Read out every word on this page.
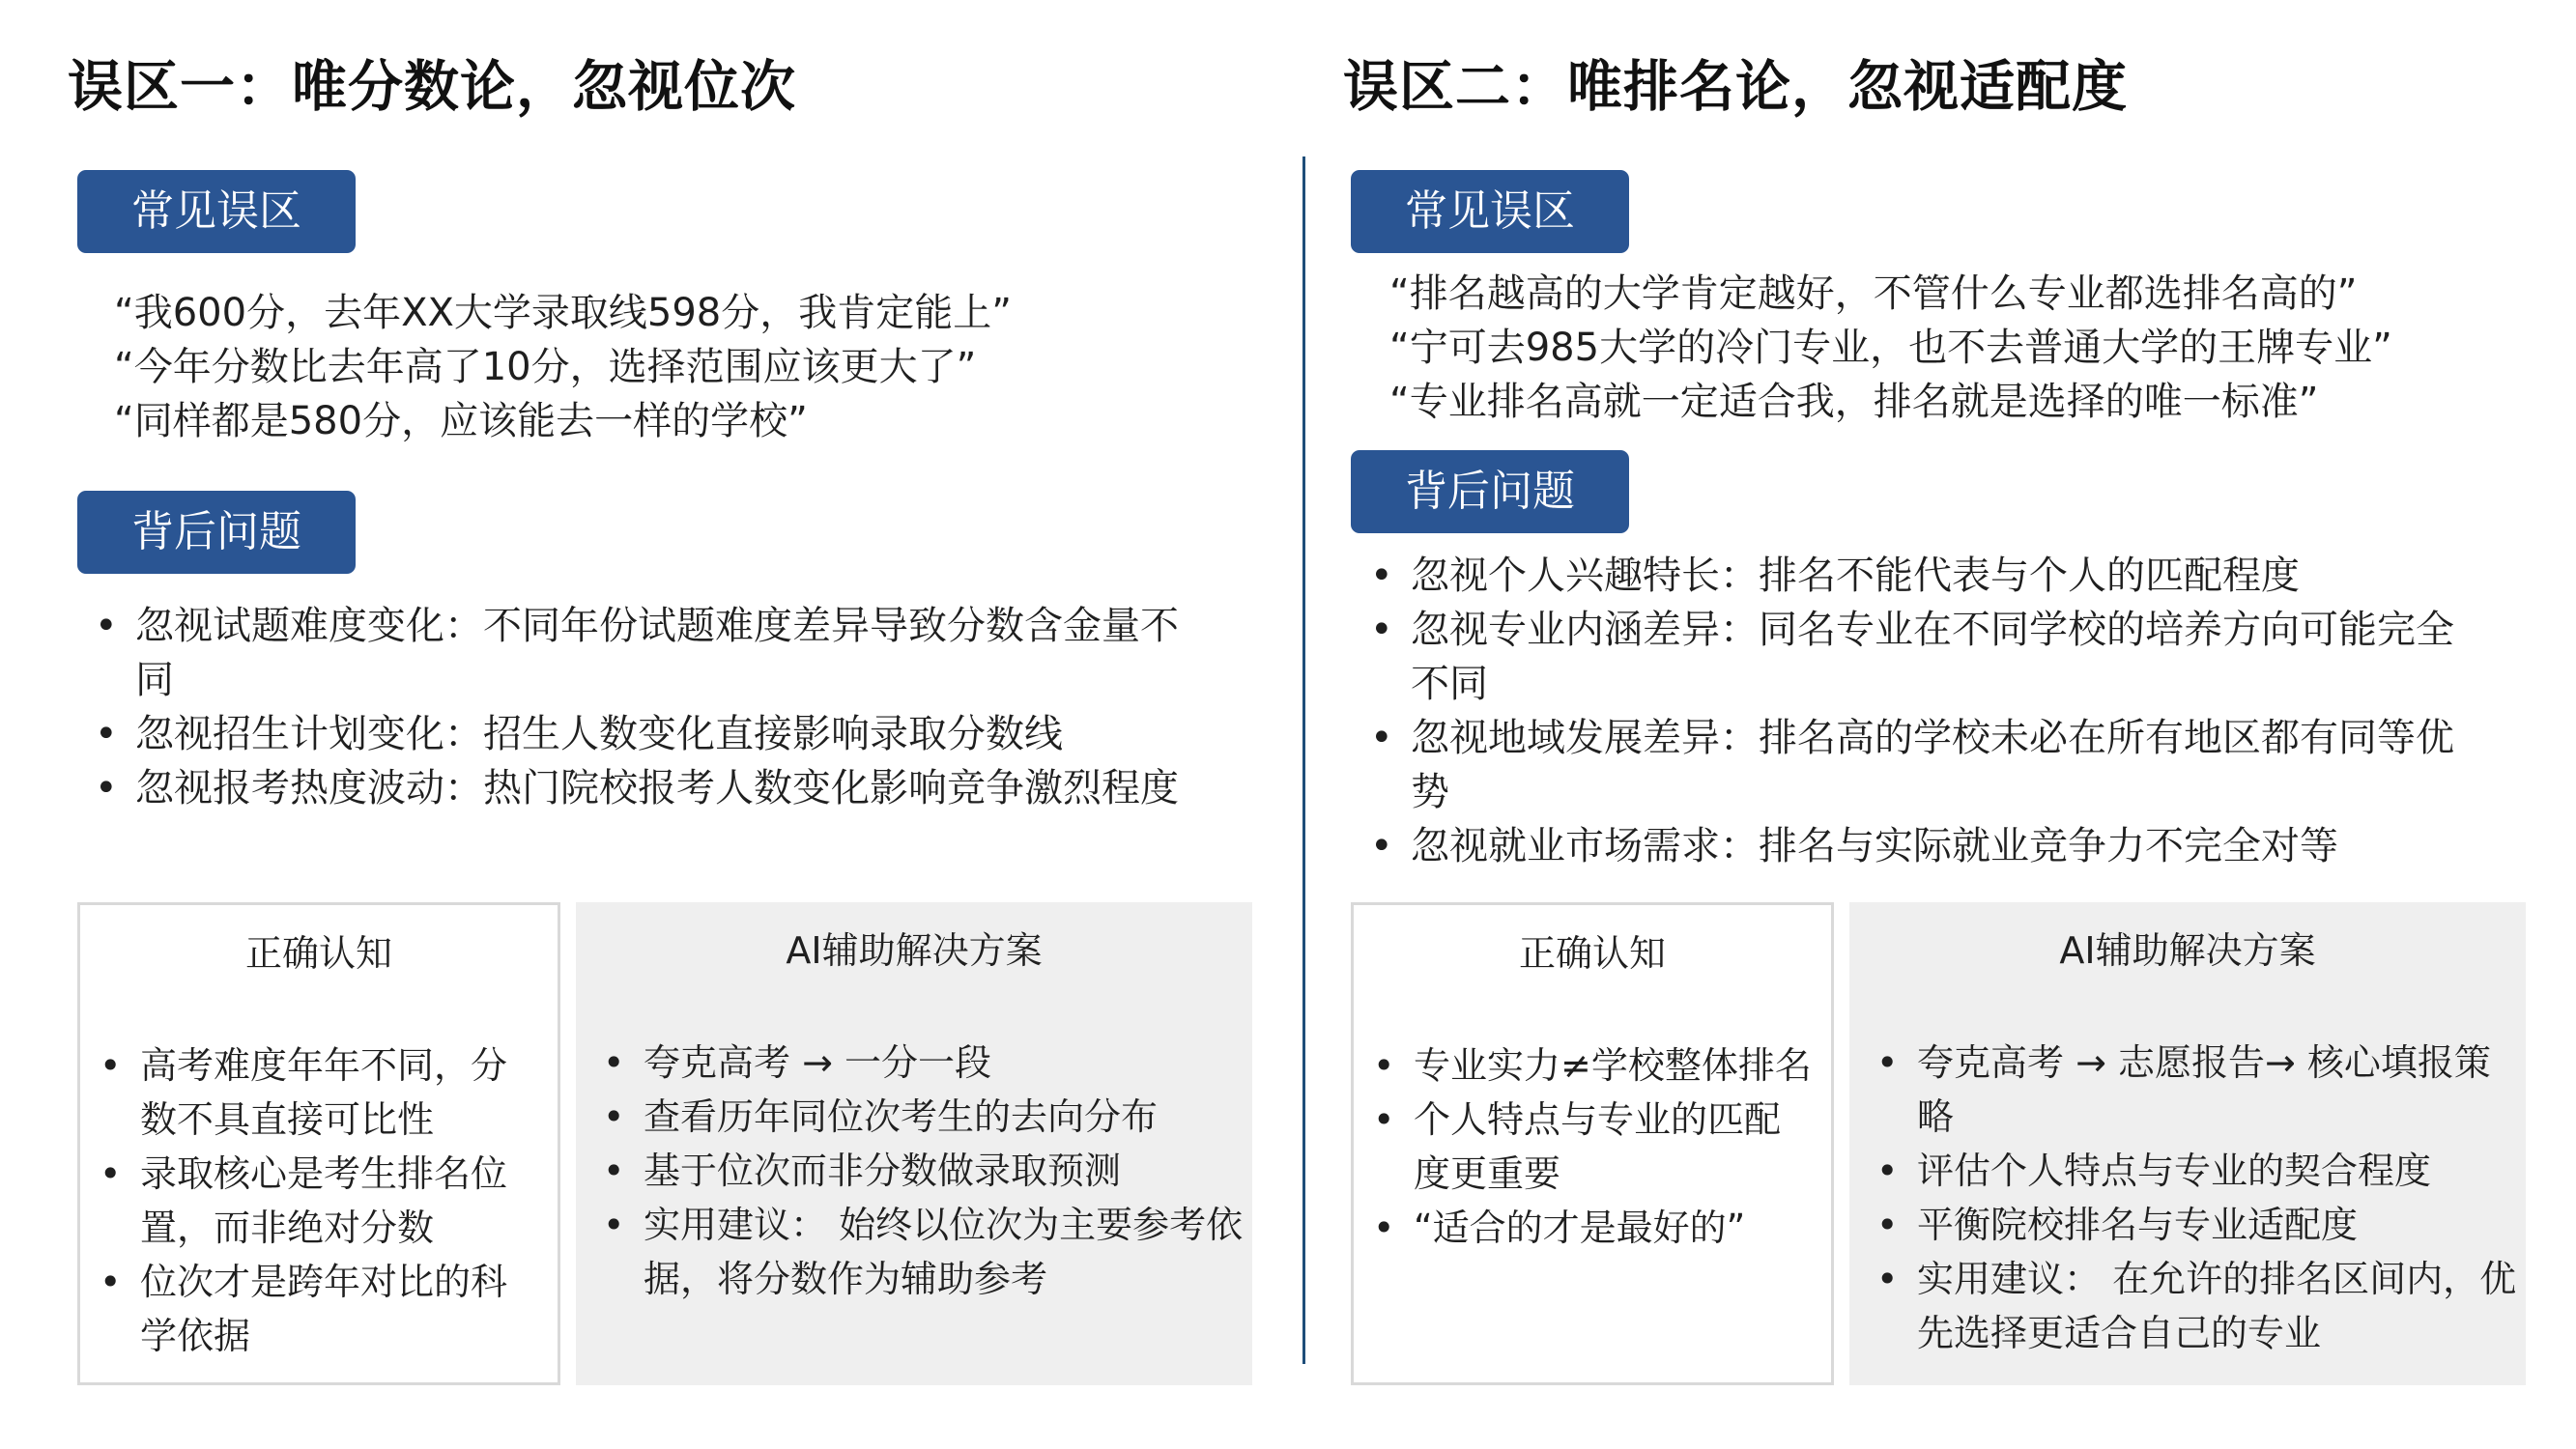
误区一：唯分数论，忽视位次
常见误区
“我600分，去年XX大学录取线598分，我肯定能上”
“今年分数比去年高了10分，选择范围应该更大了”
“同样都是580分，应该能去一样的学校”
背后问题
• 忽视试题难度变化：不同年份试题难度差异导致分数含金量不同
• 忽视招生计划变化：招生人数变化直接影响录取分数线
• 忽视报考热度波动：热门院校报考人数变化影响竞争激烈程度
正确认知
• 高考难度年年不同，分数不具直接可比性
• 录取核心是考生排名位置，而非绝对分数
• 位次才是跨年对比的科学依据
AI辅助解决方案
• 夸克高考 → 一分一段
• 查看历年同位次考生的去向分布
• 基于位次而非分数做录取预测
• 实用建议： 始终以位次为主要参考依据，将分数作为辅助参考
误区二：唯排名论，忽视适配度
常见误区
“排名越高的大学肯定越好，不管什么专业都选排名高的”
“宁可去985大学的冷门专业，也不去普通大学的王牌专业”
“专业排名高就一定适合我，排名就是选择的唯一标准”
背后问题
• 忽视个人兴趣特长：排名不能代表与个人的匹配程度
• 忽视专业内涵差异：同名专业在不同学校的培养方向可能完全不同
• 忽视地域发展差异：排名高的学校未必在所有地区都有同等优势
• 忽视就业市场需求：排名与实际就业竞争力不完全对等
正确认知
• 专业实力≠学校整体排名
• 个人特点与专业的匹配度更重要
• “适合的才是最好的”
AI辅助解决方案
• 夸克高考 → 志愿报告→ 核心填报策略
• 评估个人特点与专业的契合程度
• 平衡院校排名与专业适配度
• 实用建议： 在允许的排名区间内，优先选择更适合自己的专业
